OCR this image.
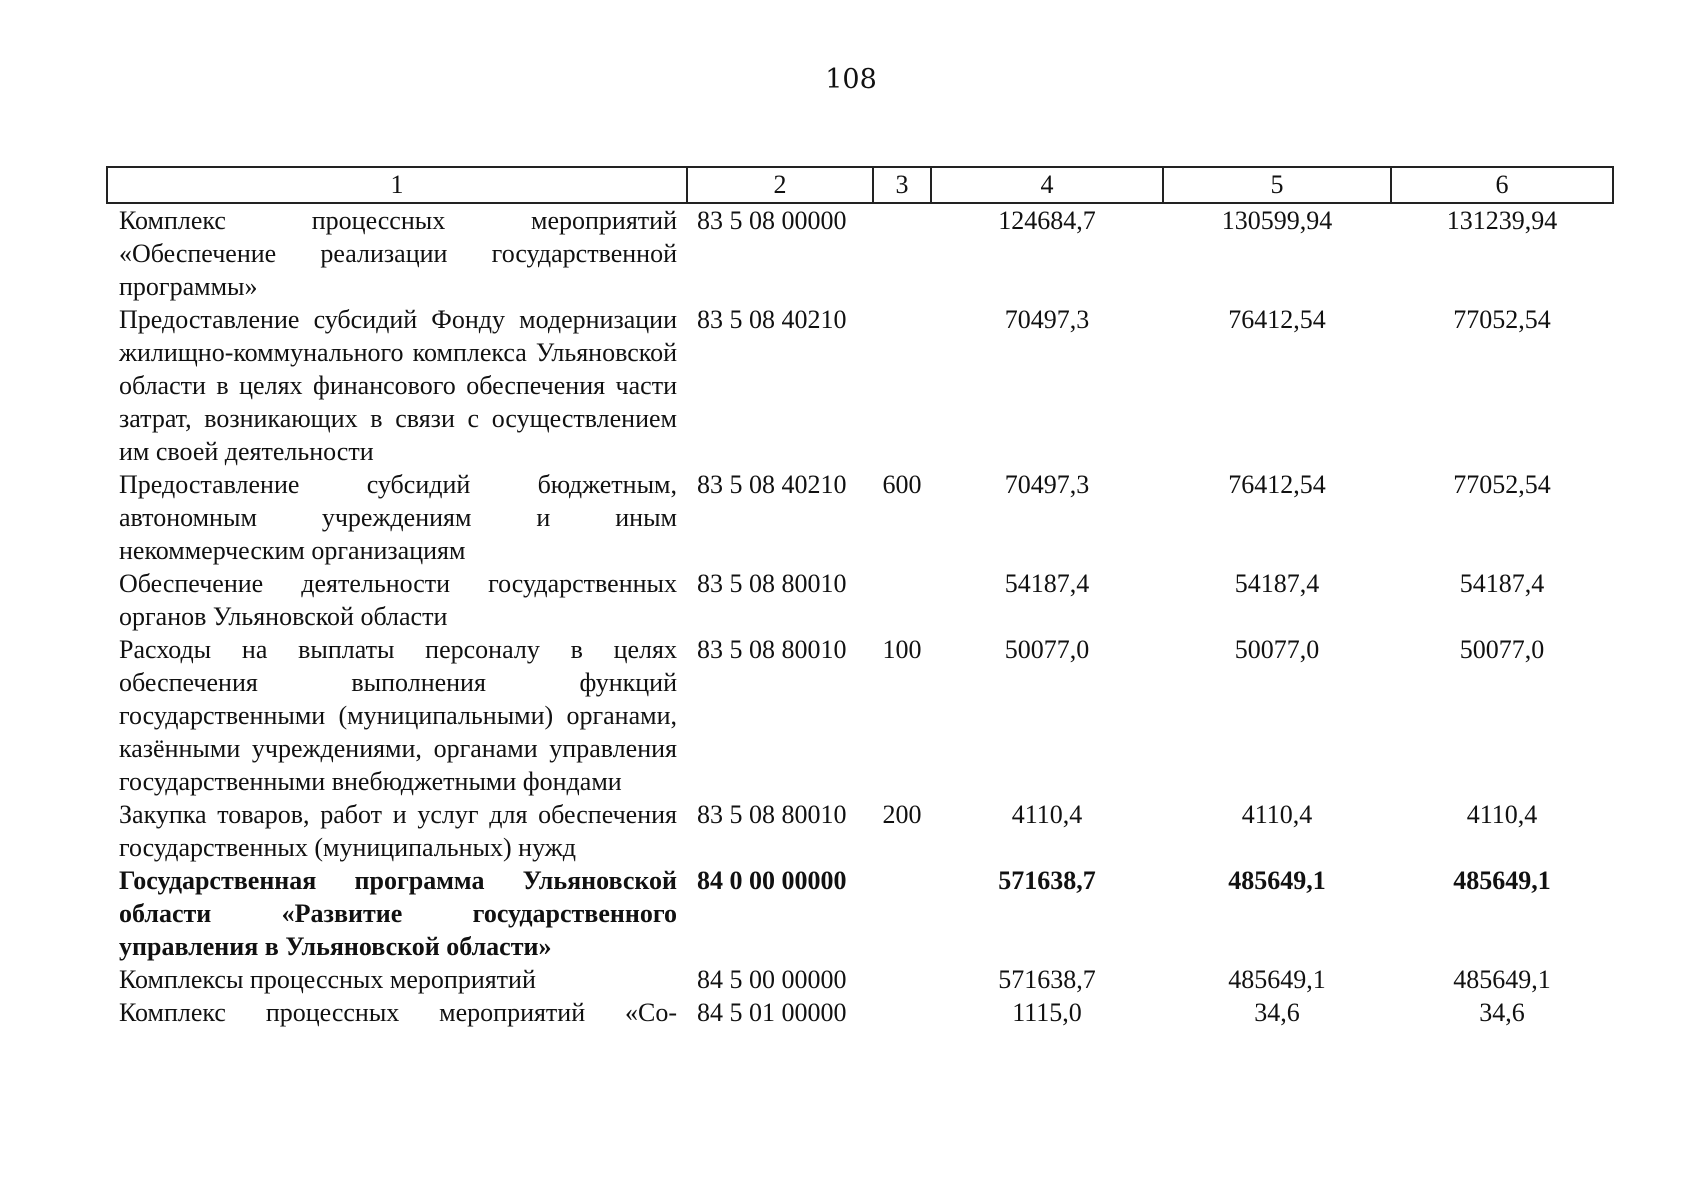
108
1	2	3	4	5	6
Комплекс процессных мероприятий «Обеспечение реализации государственной программы»	83 5 08 00000		124684,7	130599,94	131239,94
Предоставление субсидий Фонду модернизации жилищно-коммунального комплекса Ульяновской области в целях финансового обеспечения части затрат, возникающих в связи с осуществлением им своей деятельности	83 5 08 40210		70497,3	76412,54	77052,54
Предоставление субсидий бюджетным, автономным учреждениям и иным некоммерческим организациям	83 5 08 40210	600	70497,3	76412,54	77052,54
Обеспечение деятельности государственных органов Ульяновской области	83 5 08 80010		54187,4	54187,4	54187,4
Расходы на выплаты персоналу в целях обеспечения выполнения функций государственными (муниципальными) органами, казёнными учреждениями, органами управления государственными внебюджетными фондами	83 5 08 80010	100	50077,0	50077,0	50077,0
Закупка товаров, работ и услуг для обеспечения государственных (муниципальных) нужд	83 5 08 80010	200	4110,4	4110,4	4110,4
Государственная программа Ульяновской области «Развитие государственного управления в Ульяновской области»	84 0 00 00000		571638,7	485649,1	485649,1
Комплексы процессных мероприятий	84 5 00 00000		571638,7	485649,1	485649,1
Комплекс процессных мероприятий «Со-	84 5 01 00000		1115,0	34,6	34,6
